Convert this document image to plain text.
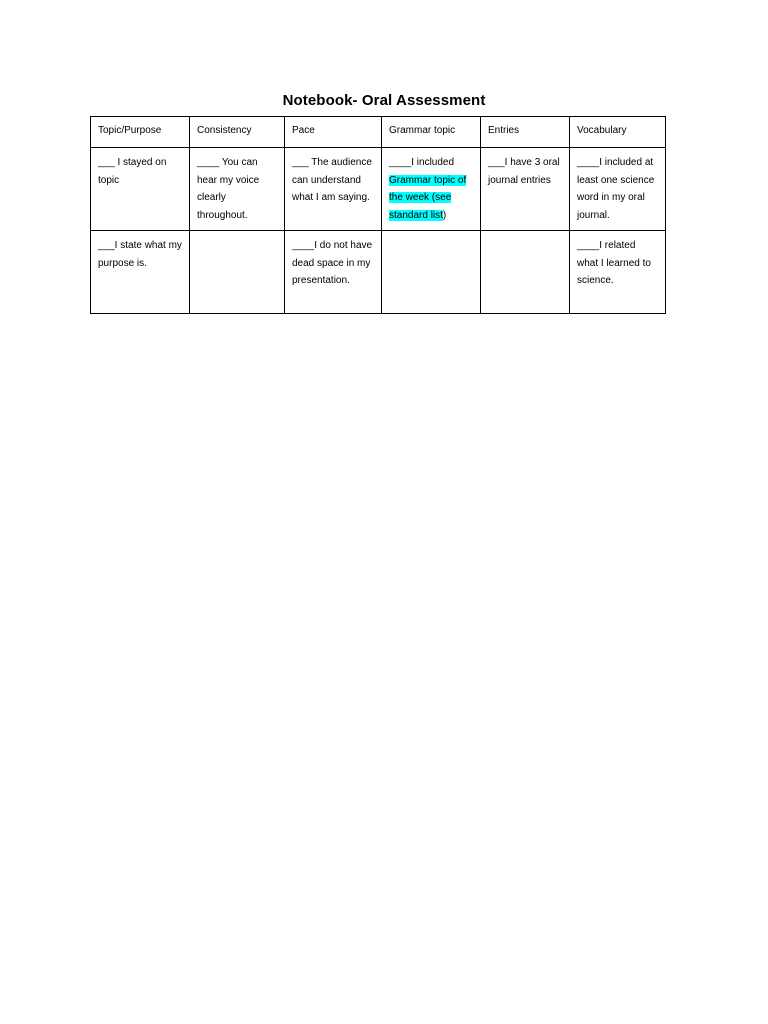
Notebook- Oral Assessment
Topic/Purpose	Consistency	Pace	Grammar topic	Entries	Vocabulary
___ I stayed on topic	____ You can hear my voice clearly throughout.	___ The audience can understand what I am saying.	____I included Grammar topic of the week (see standard list)	___I have 3 oral journal entries	____I included at least one science word in my oral journal.
___I state what my purpose is.		____I do not have dead space in my presentation.			____I related what I learned to science.
